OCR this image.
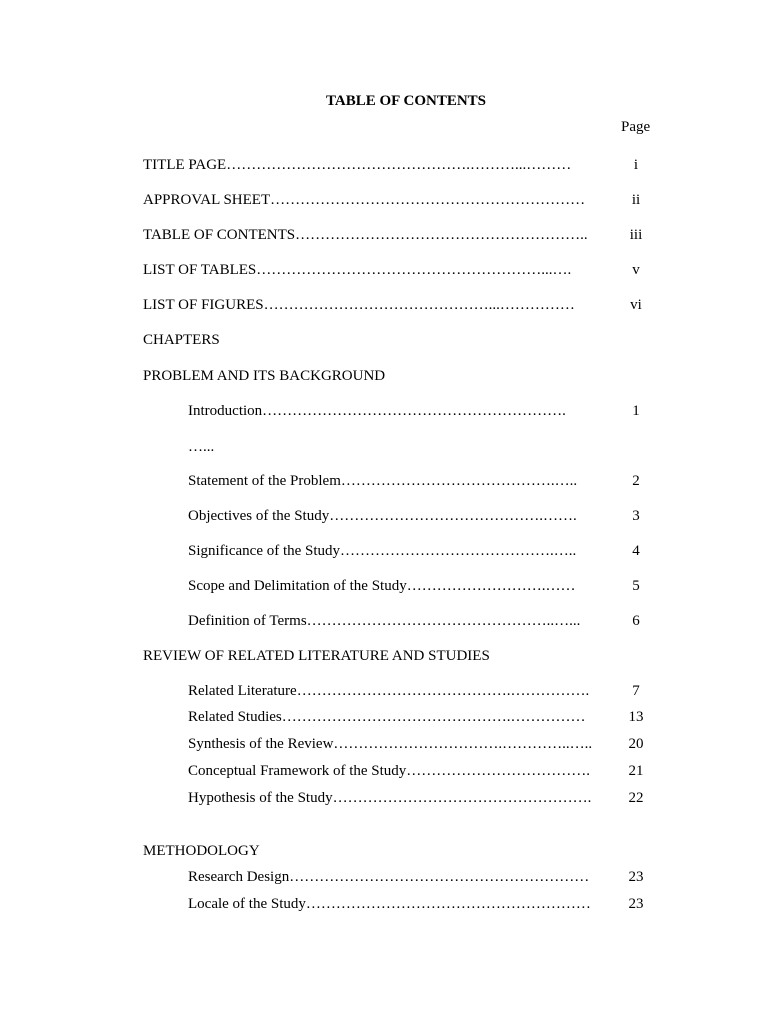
TABLE OF CONTENTS

Page

TITLE PAGE………………………………………….………...………	i
APPROVAL SHEET………………………………………………………	ii
TABLE OF CONTENTS…………………………………………………..	iii
LIST OF TABLES…………………………………………………...….	v
LIST OF FIGURES………………………………………...……………	vi
CHAPTERS
PROBLEM AND ITS BACKGROUND
Introduction…………………………………………………….	1
…...
Statement of the Problem…………………………………….…..	2
Objectives of the Study…………………………………….…….	3
Significance of the Study…………………………………….…..	4
Scope and Delimitation of the Study……………………….……	5
Definition of Terms…………………………………………..…...	6
REVIEW OF RELATED LITERATURE AND STUDIES
Related Literature…………………………………….…………….	7
Related Studies……………………………………….……………	13
Synthesis of the Review…………………………….…………..…..	20
Conceptual Framework of the Study……………………………….	21
Hypothesis of the Study…………………………………………….	22
METHODOLOGY
Research Design……………………………………………………	23
Locale of the Study…………………………………………………	23
